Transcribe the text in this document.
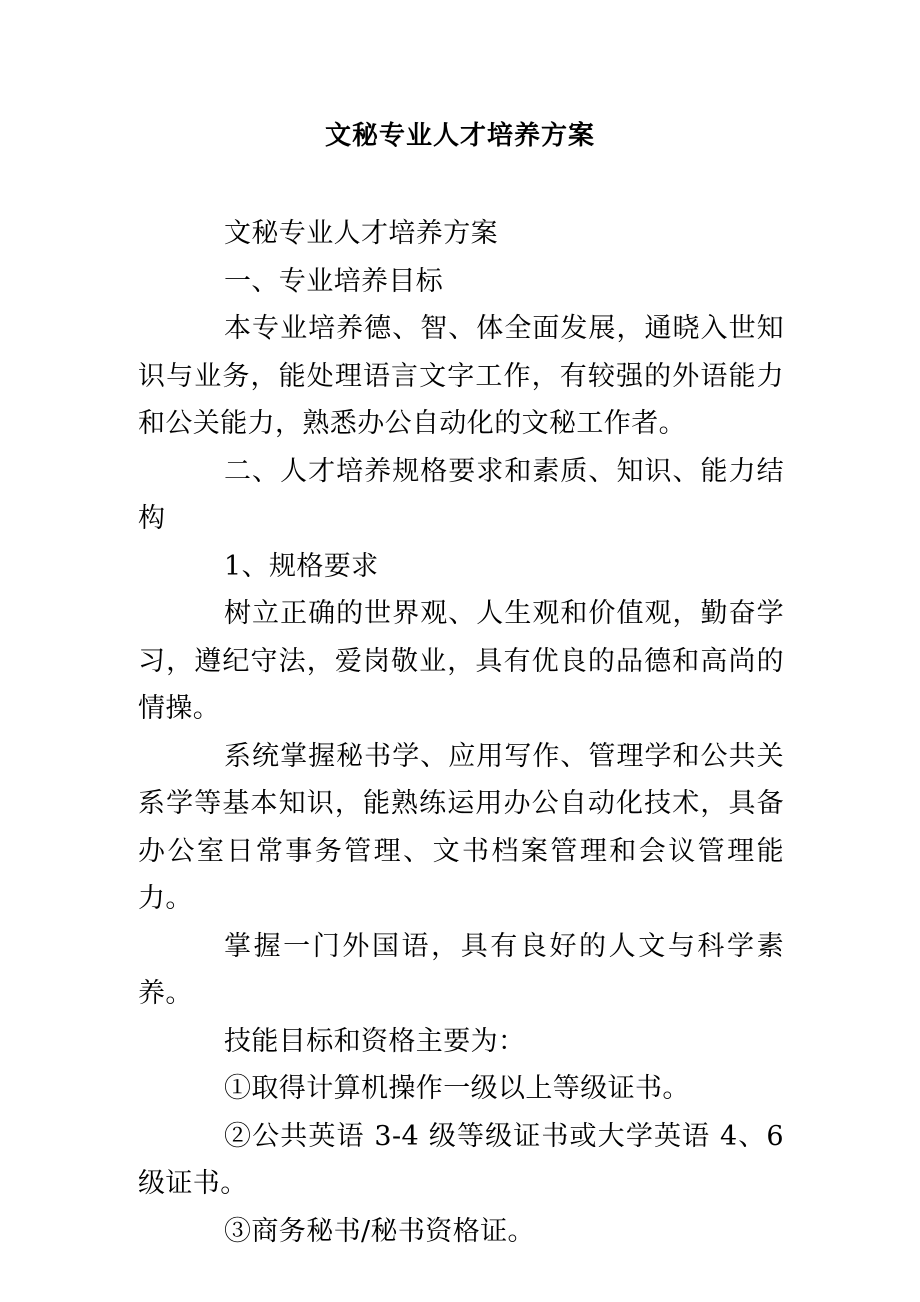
文秘专业人才培养方案

文秘专业人才培养方案

一、专业培养目标

本专业培养德、智、体全面发展，通晓入世知识与业务，能处理语言文字工作，有较强的外语能力和公关能力，熟悉办公自动化的文秘工作者。

二、人才培养规格要求和素质、知识、能力结构

1、规格要求

树立正确的世界观、人生观和价值观，勤奋学习，遵纪守法，爱岗敬业，具有优良的品德和高尚的情操。

系统掌握秘书学、应用写作、管理学和公共关系学等基本知识，能熟练运用办公自动化技术，具备办公室日常事务管理、文书档案管理和会议管理能力。

掌握一门外国语，具有良好的人文与科学素养。

技能目标和资格主要为：

①取得计算机操作一级以上等级证书。

②公共英语 3-4 级等级证书或大学英语 4、6 级证书。

③商务秘书/秘书资格证。
